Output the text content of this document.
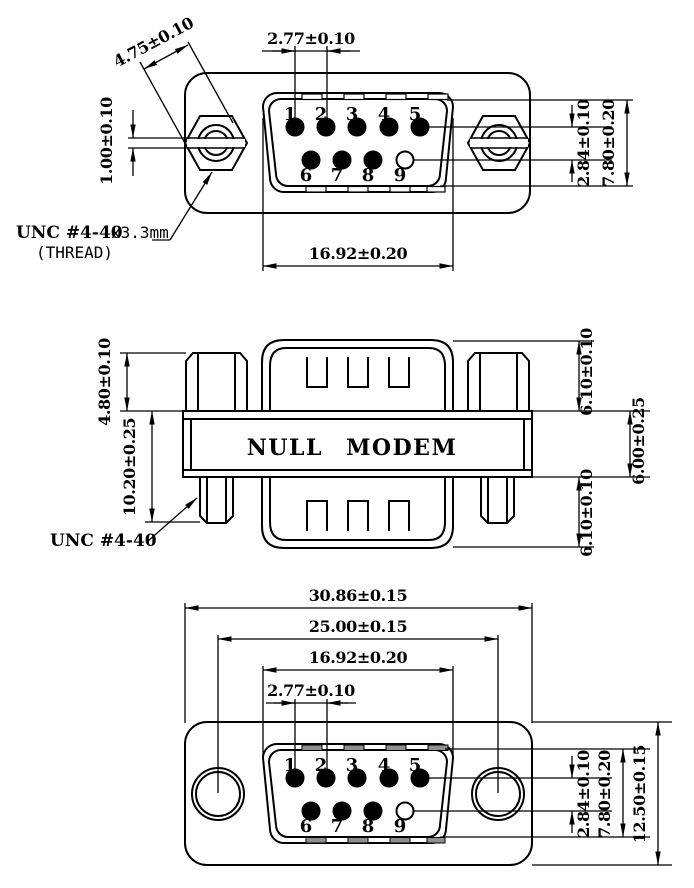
1 2 3 4 5
6 7 8 9
2.77±0.10
4.75±0.10
1.00±0.10	2.84±0.10 7.80±0.20
16.92±0.20
UNC #4-40
x3.3mm
(THREAD)
NULL MODEM
4.80±0.10
10.20±0.25
6.10±0.10
6.00±0.25
6.10±0.10
UNC #4-40
1 2 3 4 5
6 7 8 9
30.86±0.15
25.00±0.15
16.92±0.20
2.77±0.10
2.84±0.10 7.80±0.20 12.50±0.15
